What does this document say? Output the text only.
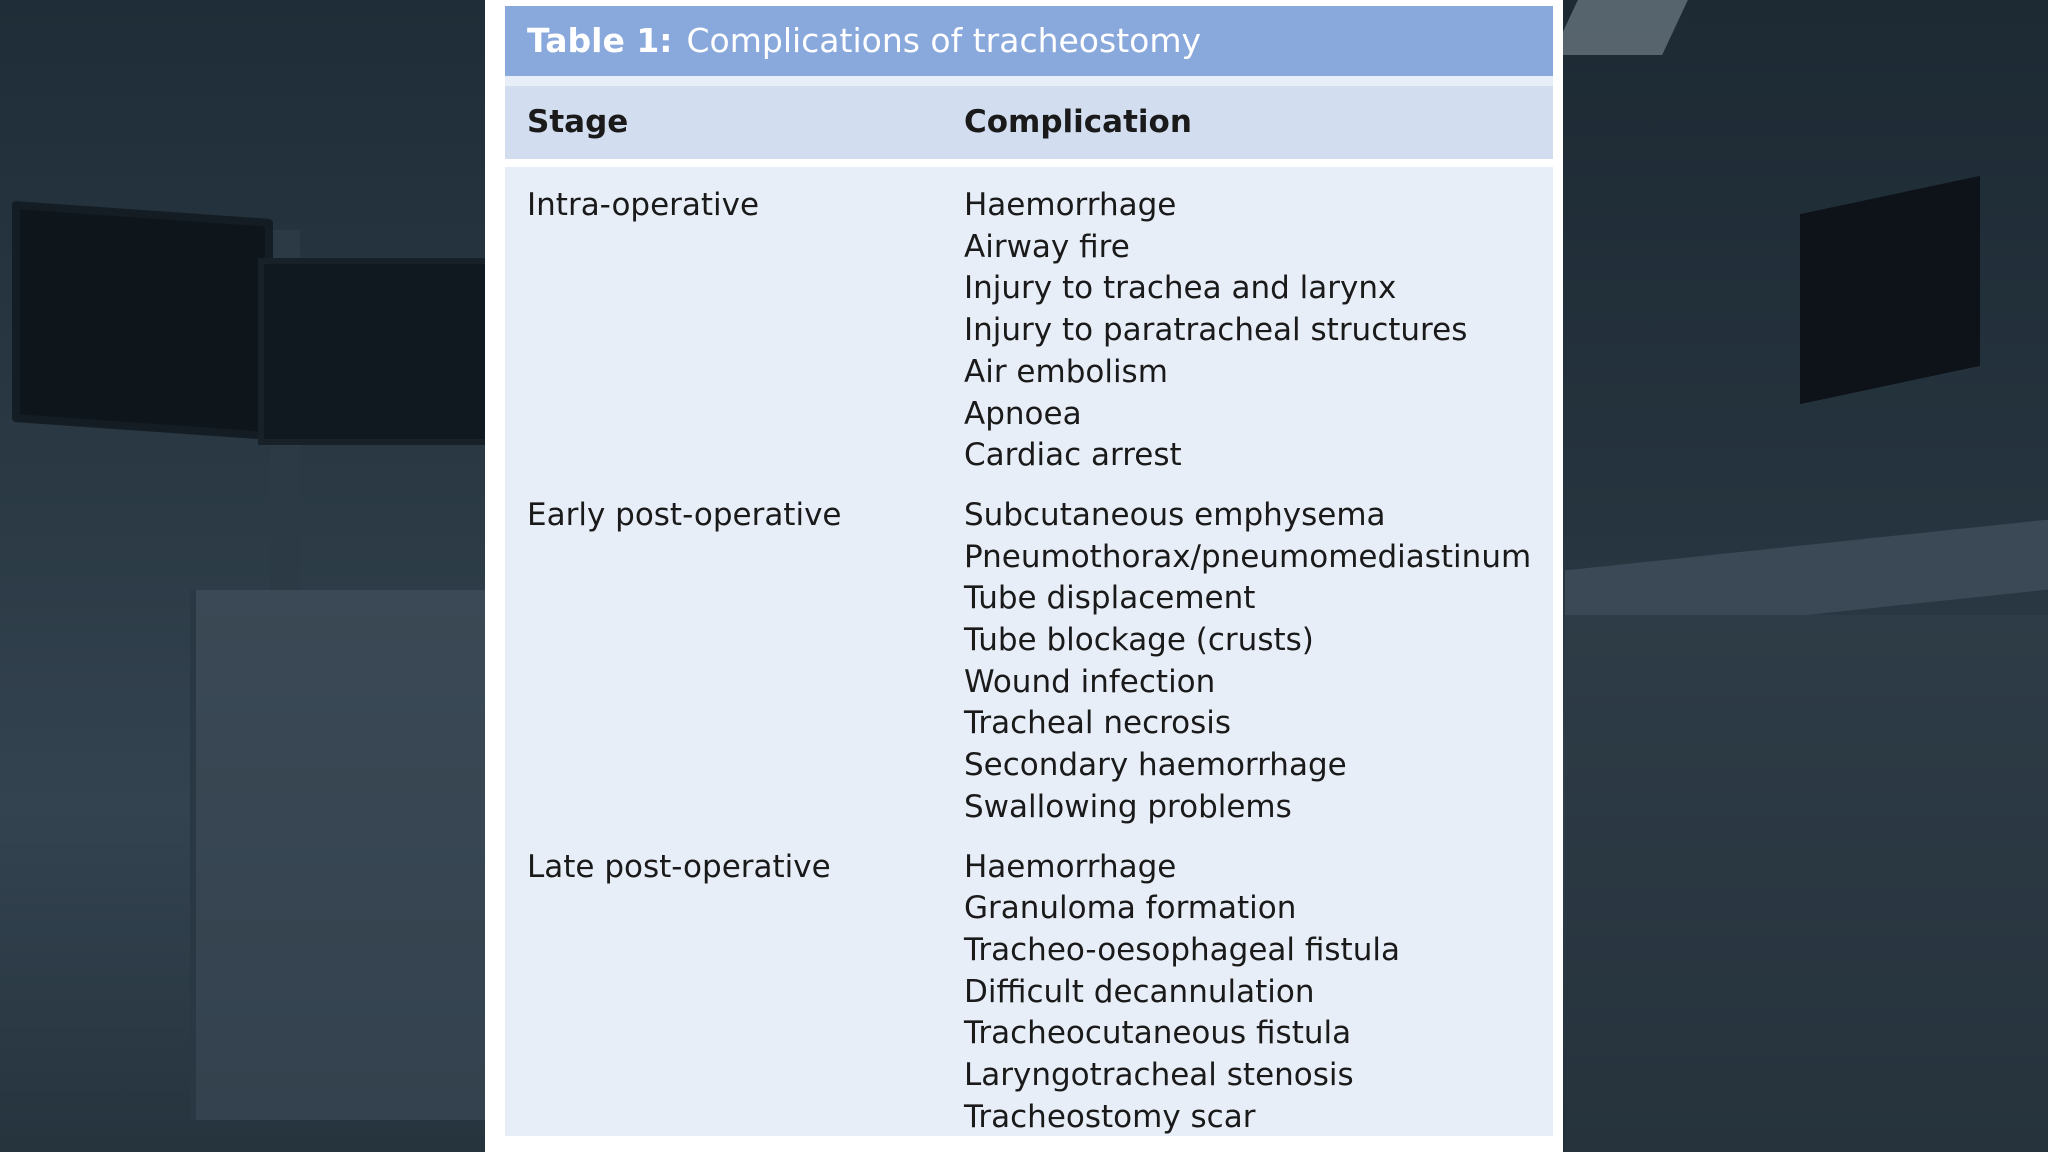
Table 1: Complications of tracheostomy
Stage	Complication
Intra-operative	Haemorrhage
Airway fire
Injury to trachea and larynx
Injury to paratracheal structures
Air embolism
Apnoea
Cardiac arrest
Early post-operative	Subcutaneous emphysema
Pneumothorax/pneumomediastinum
Tube displacement
Tube blockage (crusts)
Wound infection
Tracheal necrosis
Secondary haemorrhage
Swallowing problems
Late post-operative	Haemorrhage
Granuloma formation
Tracheo-oesophageal fistula
Difficult decannulation
Tracheocutaneous fistula
Laryngotracheal stenosis
Tracheostomy scar
